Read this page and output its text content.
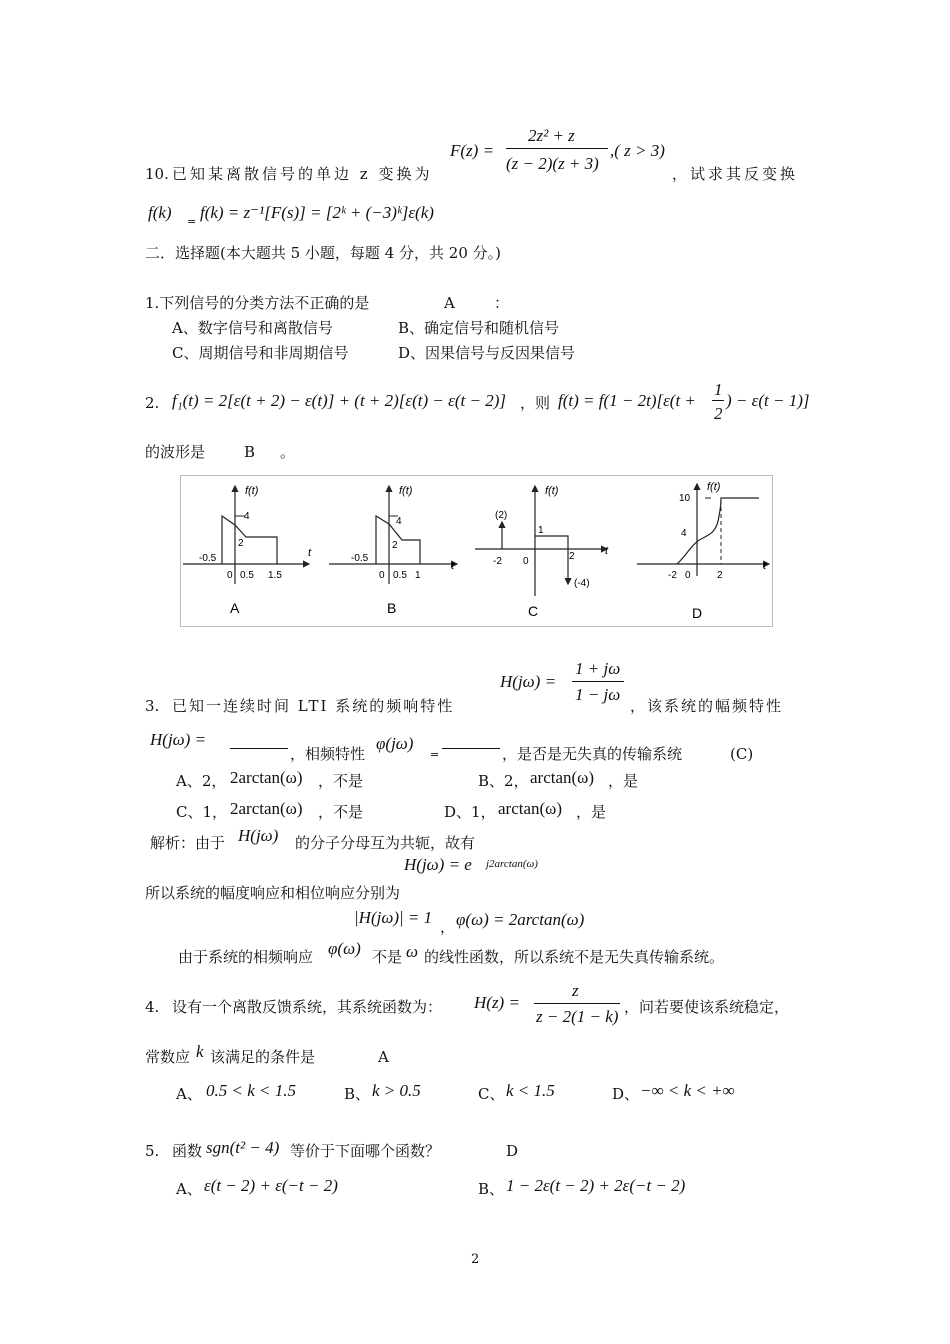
F(z) =
2z² + z
(z − 2)(z + 3)
,( z > 3)
10. 已知某离散信号的单边 z 变换为	，试求其反变换
f(k) = f(k) = z⁻¹[F(s)] = [2ᵏ + (−3)ᵏ]ε(k)
二．选择题(本大题共 5 小题，每题 4 分，共 20 分。)
1.下列信号的分类方法不正确的是	A	：
A、数字信号和离散信号	B、确定信号和随机信号
C、周期信号和非周期信号	D、因果信号与反因果信号
2. f₁(t) = 2[ε(t + 2) − ε(t)] + (t + 2)[ε(t) − ε(t − 2)] ，则 f(t) = f(1 − 2t)[ε(t +
1
2
) − ε(t − 1)]
的波形是	B 。
f(t)
t
4
2
-0.5
0 0.5 1.5
A
f(t)
t
4
2
-0.5
0 0.5 1
B
f(t)
t
1
(2)
-2 0	2
(-4)
C
f(t)
t
10
4
-2 0	2
D
H(jω) =
1 + jω
1 − jω
3. 已知一连续时间 LTI 系统的频响特性	，该系统的幅频特性
H(jω) =
，相频特性
φ(jω)
=	，是否是无失真的传输系统	(C)
A、2， 2arctan(ω) ，不是	B、2， arctan(ω) ，是
C、1， 2arctan(ω) ，不是	D、1， arctan(ω) ，是
解析：由于 H(jω) 的分子分母互为共轭，故有
H(jω) = e j2arctan(ω)
所以系统的幅度响应和相位响应分别为
|H(jω)| = 1 ， φ(ω) = 2arctan(ω)
由于系统的相频响应 φ(ω) 不是 ω 的线性函数，所以系统不是无失真传输系统。
4. 设有一个离散反馈系统，其系统函数为： H(z) =
z
z − 2(1 − k) ，问若要使该系统稳定，
常数应 k 该满足的条件是	A
A、 0.5 < k < 1.5	B、 k > 0.5	C、 k < 1.5	D、 −∞ < k < +∞
5. 函数 sgn(t² − 4) 等价于下面哪个函数？	D
A、 ε(t − 2) + ε(−t − 2)	B、 1 − 2ε(t − 2) + 2ε(−t − 2)
2
